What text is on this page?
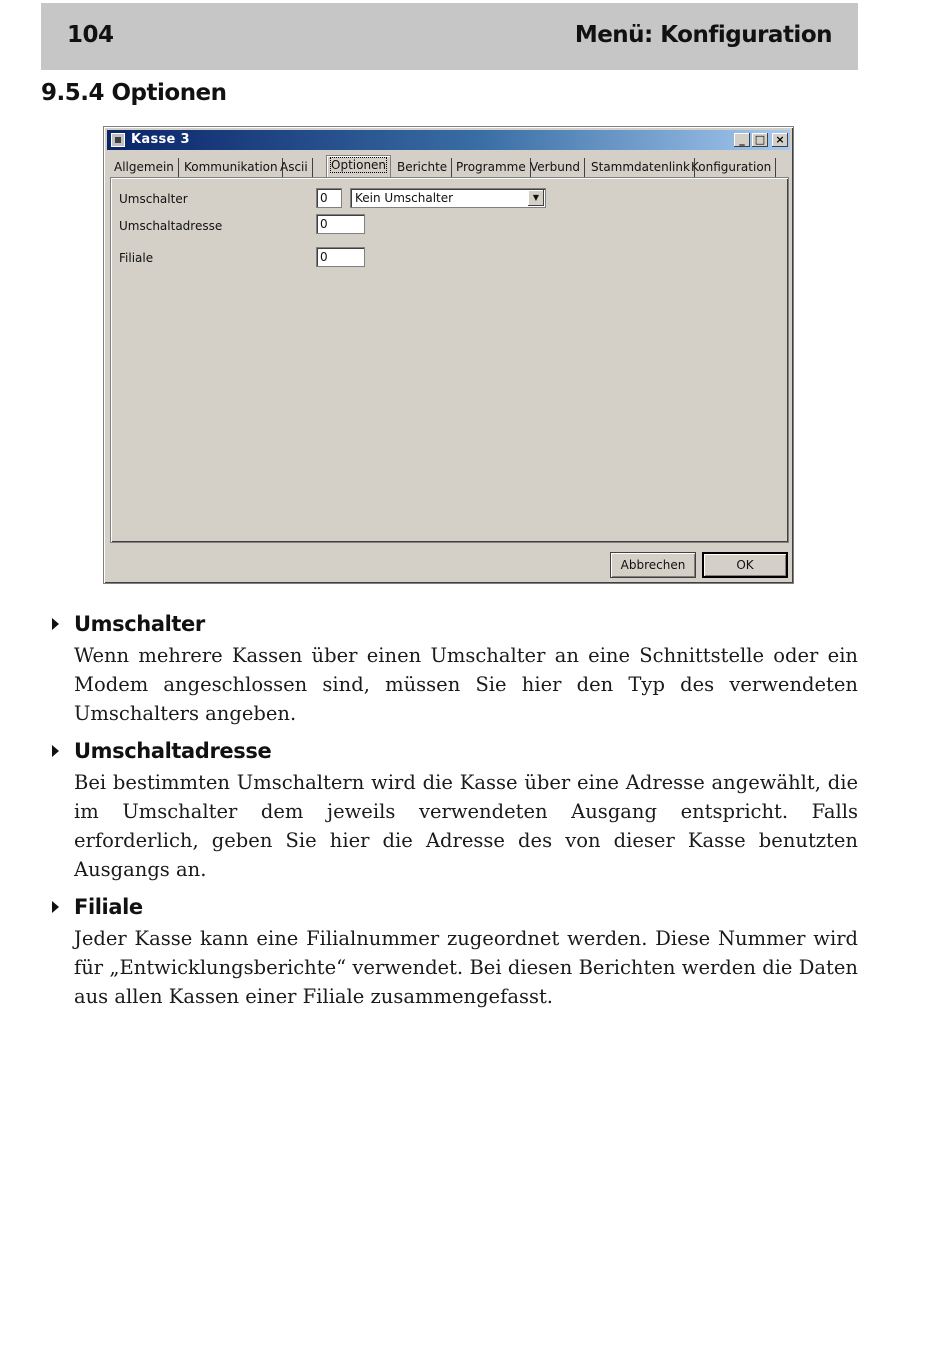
104	Menü: Konfiguration
9.5.4 Optionen
Kasse 3	_ □ ×
Allgemein Kommunikation Ascii	Optionen Berichte Programme Verbund Stammdatenlink Konfiguration
Umschalter	0	Kein Umschalter	▼
Umschaltadresse	0
Filiale	0
Abbrechen	OK
Umschalter
Wenn mehrere Kassen über einen Umschalter an eine Schnittstelle oder ein Modem angeschlossen sind, müssen Sie hier den Typ des verwendeten Umschalters angeben.
Umschaltadresse
Bei bestimmten Umschaltern wird die Kasse über eine Adresse angewählt, die im Umschalter dem jeweils verwendeten Ausgang entspricht. Falls erforderlich, geben Sie hier die Adresse des von dieser Kasse benutzten Ausgangs an.
Filiale
Jeder Kasse kann eine Filialnummer zugeordnet werden. Diese Nummer wird für „Entwicklungsberichte“ verwendet. Bei diesen Berichten werden die Daten aus allen Kassen einer Filiale zusammengefasst.
